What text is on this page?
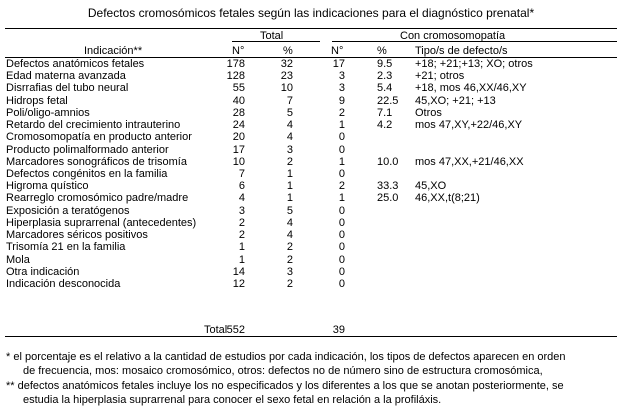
Defectos cromosómicos fetales según las indicaciones para el diagnóstico prenatal*
Total	Con cromosomopatía
Indicación**	N°	%	N°	%	Tipo/s de defecto/s
Defectos anatómicos fetales	178	32	17	9.5 +18; +21;+13; XO; otros
Edad materna avanzada	128	23	3	2.3 +21; otros
Disrrafias del tubo neural	55	10	3	5.4 +18, mos 46,XX/46,XY
Hidrops fetal	40	7	9	22.5 45,XO; +21; +13
Poli/oligo-amnios	28	5	2	7.1 Otros
Retardo del crecimiento intrauterino	24	4	1	4.2 mos 47,XY,+22/46,XY
Cromosomopatía en producto anterior	20	4	0
Producto polimalformado anterior	17	3	0
Marcadores sonográficos de trisomía	10	2	1	10.0 mos 47,XX,+21/46,XX
Defectos congénitos en la familia	7	1	0
Higroma quístico	6	1	2	33.3 45,XO
Rearreglo cromosómico padre/madre	4	1	1	25.0 46,XX,t(8;21)
Exposición a teratógenos	3	5	0
Hiperplasia suprarrenal (antecedentes)	2	4	0
Marcadores séricos positivos	2	4	0
Trisomía 21 en la familia	1	2	0
Mola	1	2	0
Otra indicación	14	3	0
Indicación desconocida	12	2	0
Total 552	39
* el porcentaje es el relativo a la cantidad de estudios por cada indicación, los tipos de defectos aparecen en orden
de frecuencia, mos: mosaico cromosómico, otros: defectos no de número sino de estructura cromosómica,
** defectos anatómicos fetales incluye los no especificados y los diferentes a los que se anotan posteriormente, se
estudia la hiperplasia suprarrenal para conocer el sexo fetal en relación a la profiláxis.
